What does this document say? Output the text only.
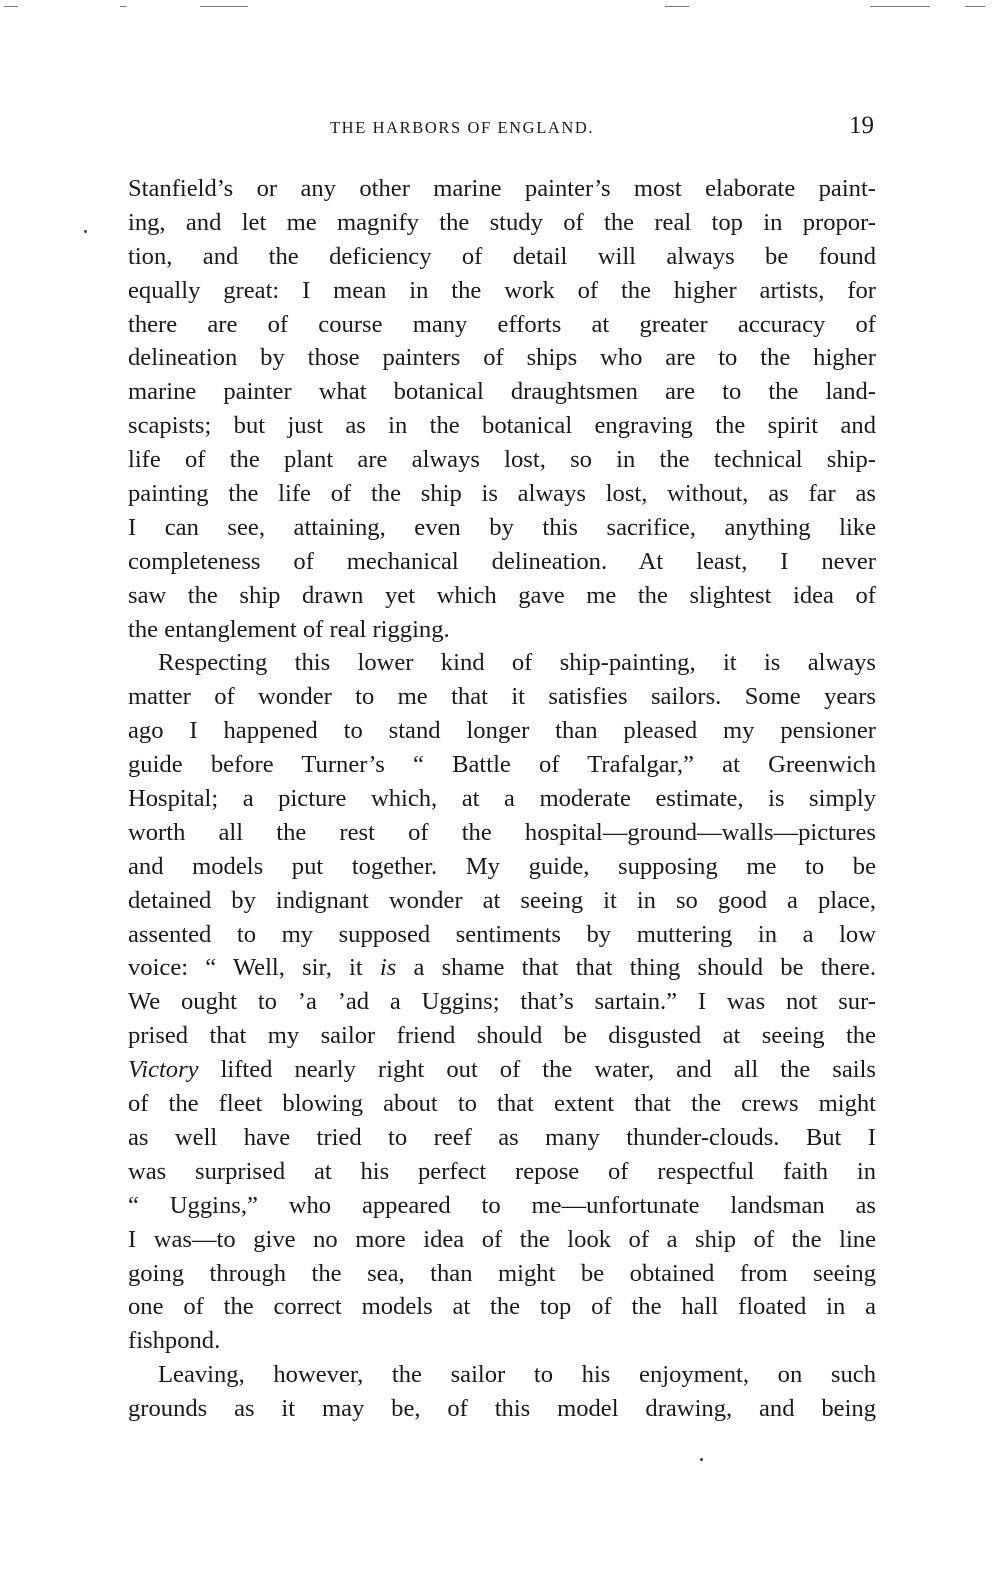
THE HARBORS OF ENGLAND.	19
Stanfield’s or any other marine painter’s most elaborate paint-
ing, and let me magnify the study of the real top in propor-
tion, and the deficiency of detail will always be found
equally great: I mean in the work of the higher artists, for
there are of course many efforts at greater accuracy of
delineation by those painters of ships who are to the higher
marine painter what botanical draughtsmen are to the land-
scapists; but just as in the botanical engraving the spirit and
life of the plant are always lost, so in the technical ship-
painting the life of the ship is always lost, without, as far as
I can see, attaining, even by this sacrifice, anything like
completeness of mechanical delineation. At least, I never
saw the ship drawn yet which gave me the slightest idea of
the entanglement of real rigging.
Respecting this lower kind of ship-painting, it is always
matter of wonder to me that it satisfies sailors. Some years
ago I happened to stand longer than pleased my pensioner
guide before Turner’s “ Battle of Trafalgar,” at Greenwich
Hospital; a picture which, at a moderate estimate, is simply
worth all the rest of the hospital—ground—walls—pictures
and models put together. My guide, supposing me to be
detained by indignant wonder at seeing it in so good a place,
assented to my supposed sentiments by muttering in a low
voice: “ Well, sir, it is a shame that that thing should be there.
We ought to ’a ’ad a Uggins; that’s sartain.” I was not sur-
prised that my sailor friend should be disgusted at seeing the
Victory lifted nearly right out of the water, and all the sails
of the fleet blowing about to that extent that the crews might
as well have tried to reef as many thunder-clouds. But I
was surprised at his perfect repose of respectful faith in
“ Uggins,” who appeared to me—unfortunate landsman as
I was—to give no more idea of the look of a ship of the line
going through the sea, than might be obtained from seeing
one of the correct models at the top of the hall floated in a
fishpond.
Leaving, however, the sailor to his enjoyment, on such
grounds as it may be, of this model drawing, and being
